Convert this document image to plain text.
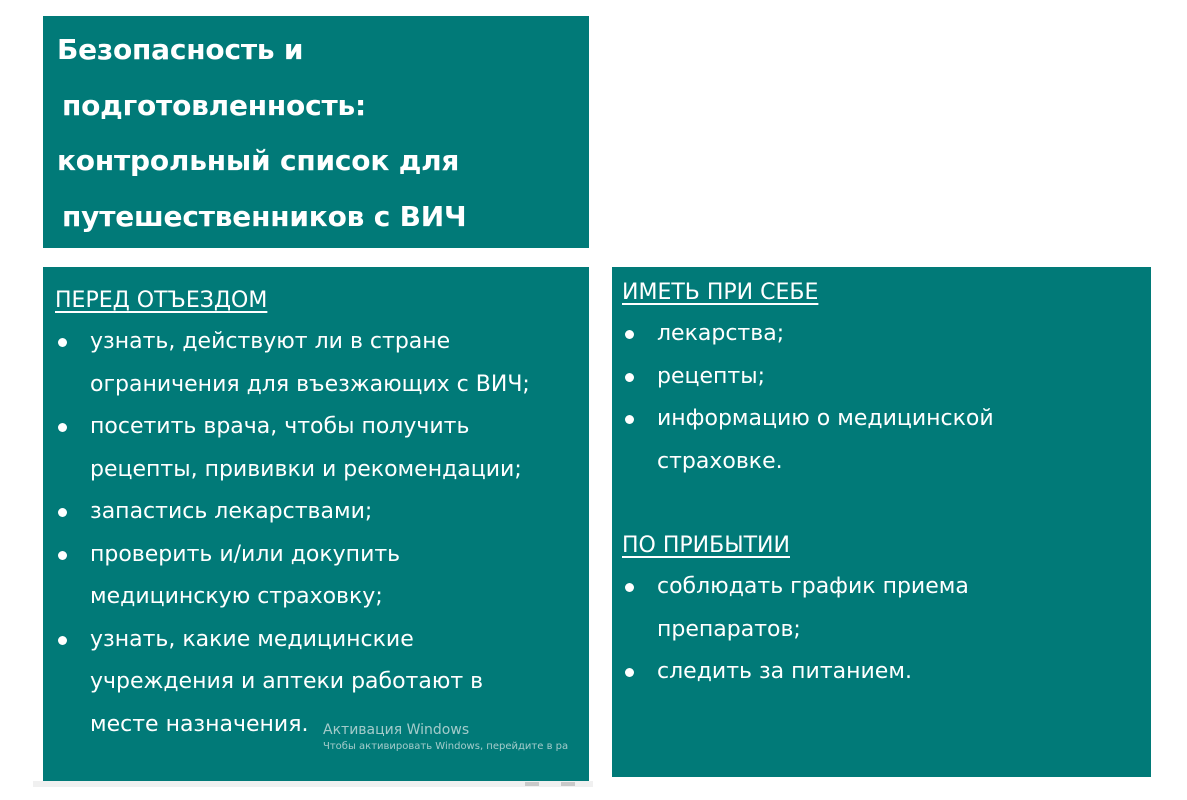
Безопасность и
подготовленность:
контрольный список для
путешественников с ВИЧ
ПЕРЕД ОТЪЕЗДОМ
узнать, действуют ли в стране
ограничения для въезжающих с ВИЧ;
посетить врача, чтобы получить
рецепты, прививки и рекомендации;
запастись лекарствами;
проверить и/или докупить
медицинскую страховку;
узнать, какие медицинские
учреждения и аптеки работают в
месте назначения.
ИМЕТЬ ПРИ СЕБЕ
лекарства;
рецепты;
информацию о медицинской
страховке.
ПО ПРИБЫТИИ
соблюдать график приема
препаратов;
следить за питанием.
Активация Windows
Чтобы активировать Windows, перейдите в ра
